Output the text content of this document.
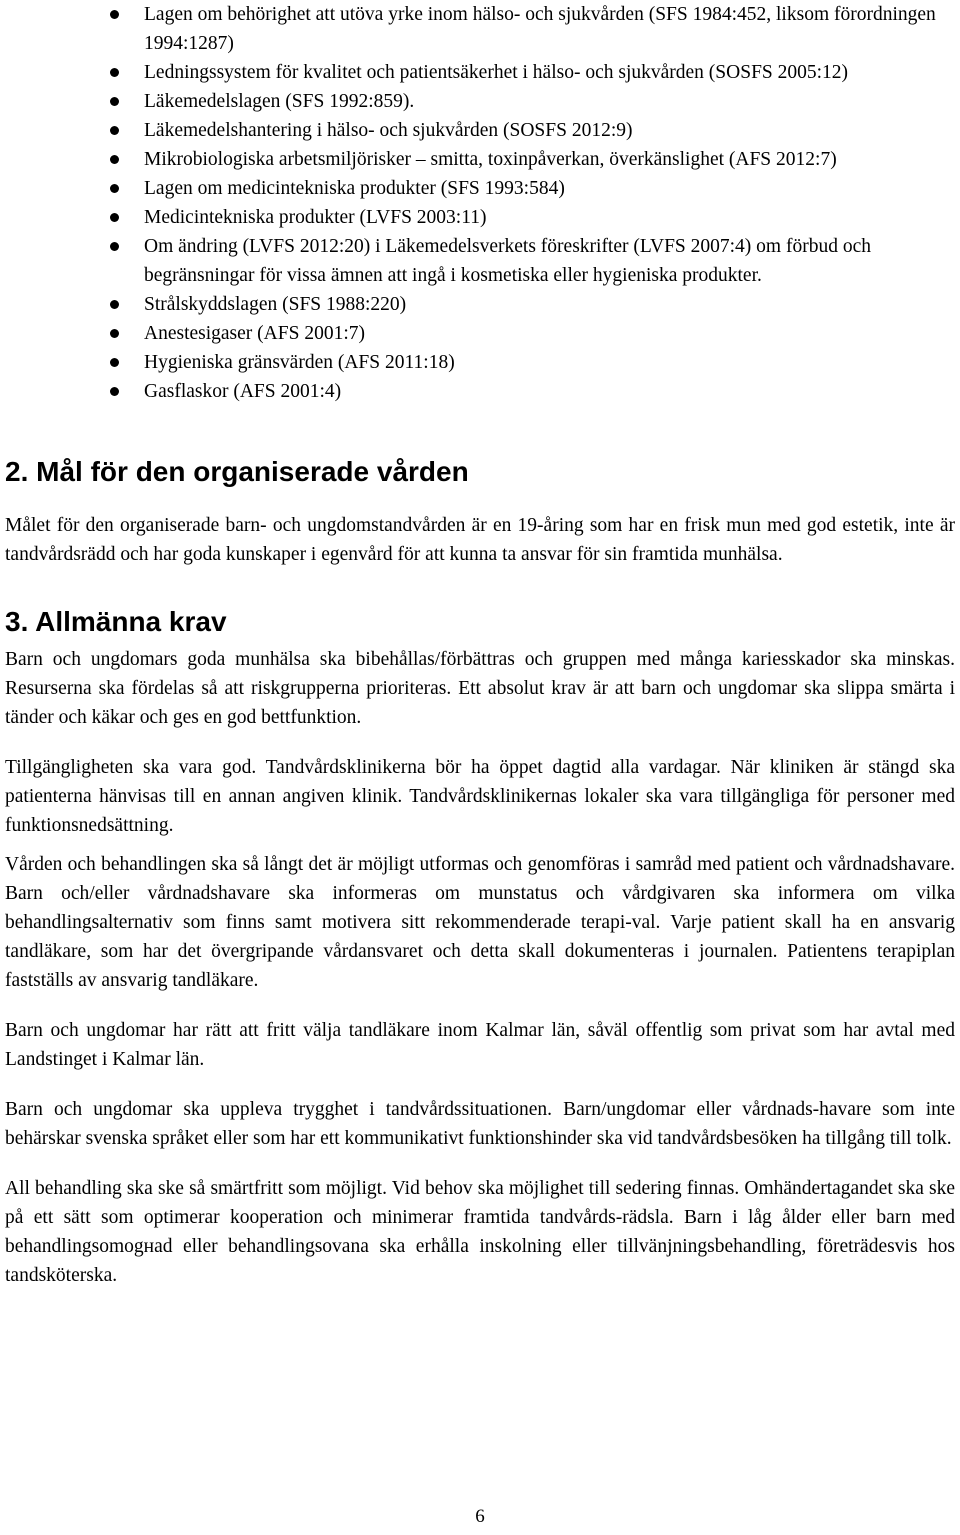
Lagen om behörighet att utöva yrke inom hälso- och sjukvården (SFS 1984:452, liksom förordningen 1994:1287)
Ledningssystem för kvalitet och patientsäkerhet i hälso- och sjukvården (SOSFS 2005:12)
Läkemedelslagen (SFS 1992:859).
Läkemedelshantering i hälso- och sjukvården (SOSFS 2012:9)
Mikrobiologiska arbetsmiljörisker – smitta, toxinpåverkan, överkänslighet (AFS 2012:7)
Lagen om medicintekniska produkter (SFS 1993:584)
Medicintekniska produkter (LVFS 2003:11)
Om ändring (LVFS 2012:20) i Läkemedelsverkets föreskrifter (LVFS 2007:4) om förbud och begränsningar för vissa ämnen att ingå i kosmetiska eller hygieniska produkter.
Strålskyddslagen (SFS 1988:220)
Anestesigaser (AFS 2001:7)
Hygieniska gränsvärden (AFS 2011:18)
Gasflaskor (AFS 2001:4)
2. Mål för den organiserade vården

Målet för den organiserade barn- och ungdomstandvården är en 19-åring som har en frisk mun med god estetik, inte är tandvårdsrädd och har goda kunskaper i egenvård för att kunna ta ansvar för sin framtida munhälsa.

3. Allmänna krav

Barn och ungdomars goda munhälsa ska bibehållas/förbättras och gruppen med många kariesskador ska minskas. Resurserna ska fördelas så att riskgrupperna prioriteras. Ett absolut krav är att barn och ungdomar ska slippa smärta i tänder och käkar och ges en god bettfunktion.

Tillgängligheten ska vara god. Tandvårdsklinikerna bör ha öppet dagtid alla vardagar. När kliniken är stängd ska patienterna hänvisas till en annan angiven klinik. Tandvårdsklinikernas lokaler ska vara tillgängliga för personer med funktionsnedsättning.

Vården och behandlingen ska så långt det är möjligt utformas och genomföras i samråd med patient och vårdnadshavare. Barn och/eller vårdnadshavare ska informeras om munstatus och vårdgivaren ska informera om vilka behandlingsalternativ som finns samt motivera sitt rekommenderade terapi-val. Varje patient skall ha en ansvarig tandläkare, som har det övergripande vårdansvaret och detta skall dokumenteras i journalen. Patientens terapiplan fastställs av ansvarig tandläkare.

Barn och ungdomar har rätt att fritt välja tandläkare inom Kalmar län, såväl offentlig som privat som har avtal med Landstinget i Kalmar län.

Barn och ungdomar ska uppleva trygghet i tandvårdssituationen. Barn/ungdomar eller vårdnads-havare som inte behärskar svenska språket eller som har ett kommunikativt funktionshinder ska vid tandvårdsbesöken ha tillgång till tolk.

All behandling ska ske så smärtfritt som möjligt. Vid behov ska möjlighet till sedering finnas. Omhändertagandet ska ske på ett sätt som optimerar kooperation och minimerar framtida tandvårds-rädsla. Barn i låg ålder eller barn med behandlingsomogнad eller behandlingsovana ska erhålla inskolning eller tillvänjningsbehandling, företrädesvis hos tandsköterska.

6
